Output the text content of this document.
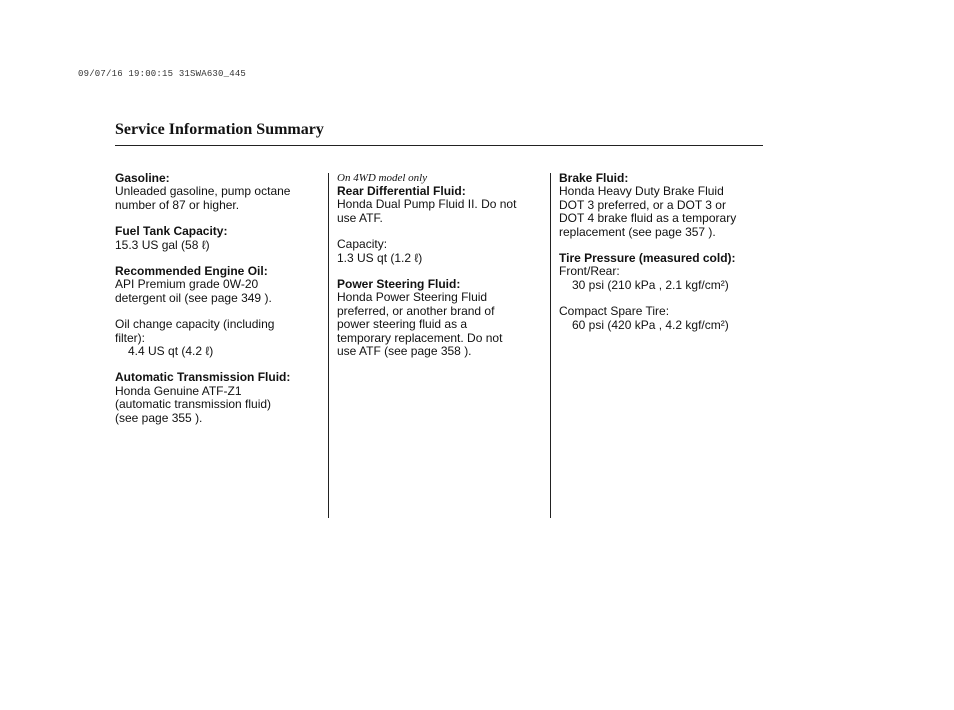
09/07/16 19:00:15 31SWA630_445
Service Information Summary
Gasoline:
Unleaded gasoline, pump octane
number of 87 or higher.
Fuel Tank Capacity:
15.3 US gal (58 ℓ)
Recommended Engine Oil:
API Premium grade 0W-20
detergent oil (see page 349 ).
Oil change capacity (including
filter):
4.4 US qt (4.2 ℓ)
Automatic Transmission Fluid:
Honda Genuine ATF-Z1
(automatic transmission fluid)
(see page 355 ).
On 4WD model only
Rear Differential Fluid:
Honda Dual Pump Fluid II. Do not
use ATF.
Capacity:
1.3 US qt (1.2 ℓ)
Power Steering Fluid:
Honda Power Steering Fluid
preferred, or another brand of
power steering fluid as a
temporary replacement. Do not
use ATF (see page 358 ).
Brake Fluid:
Honda Heavy Duty Brake Fluid
DOT 3 preferred, or a DOT 3 or
DOT 4 brake fluid as a temporary
replacement (see page 357 ).
Tire Pressure (measured cold):
Front/Rear:
30 psi (210 kPa , 2.1 kgf/cm²)
Compact Spare Tire:
60 psi (420 kPa , 4.2 kgf/cm²)
